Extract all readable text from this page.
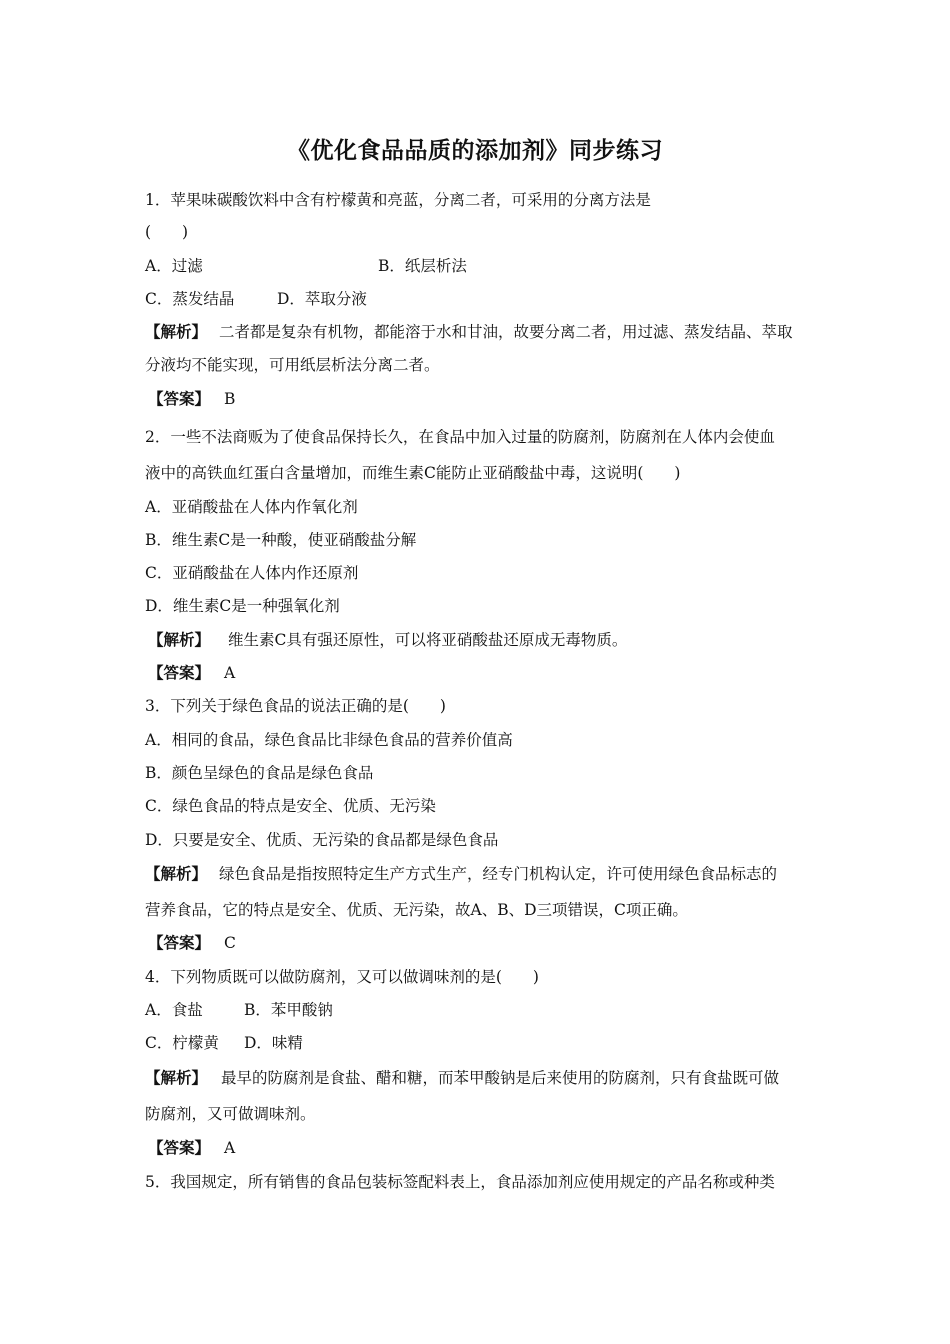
《优化食品品质的添加剂》同步练习
1．苹果味碳酸饮料中含有柠檬黄和亮蓝，分离二者，可采用的分离方法是
(　　)
A．过滤	B．纸层析法
C．蒸发结晶	D．萃取分液
【解析】 二者都是复杂有机物，都能溶于水和甘油，故要分离二者，用过滤、蒸发结晶、萃取
分液均不能实现，可用纸层析法分离二者。
【答案】 B
2．一些不法商贩为了使食品保持长久，在食品中加入过量的防腐剂，防腐剂在人体内会使血
液中的高铁血红蛋白含量增加，而维生素C能防止亚硝酸盐中毒，这说明(　　)
A．亚硝酸盐在人体内作氧化剂
B．维生素C是一种酸，使亚硝酸盐分解
C．亚硝酸盐在人体内作还原剂
D．维生素C是一种强氧化剂
【解析】 维生素C具有强还原性，可以将亚硝酸盐还原成无毒物质。
【答案】 A
3．下列关于绿色食品的说法正确的是(　　)
A．相同的食品，绿色食品比非绿色食品的营养价值高
B．颜色呈绿色的食品是绿色食品
C．绿色食品的特点是安全、优质、无污染
D．只要是安全、优质、无污染的食品都是绿色食品
【解析】 绿色食品是指按照特定生产方式生产，经专门机构认定，许可使用绿色食品标志的
营养食品，它的特点是安全、优质、无污染，故A、B、D三项错误，C项正确。
【答案】 C
4．下列物质既可以做防腐剂，又可以做调味剂的是(　　)
A．食盐	B．苯甲酸钠
C．柠檬黄 D．味精
【解析】 最早的防腐剂是食盐、醋和糖，而苯甲酸钠是后来使用的防腐剂，只有食盐既可做
防腐剂，又可做调味剂。
【答案】 A
5．我国规定，所有销售的食品包装标签配料表上，食品添加剂应使用规定的产品名称或种类
